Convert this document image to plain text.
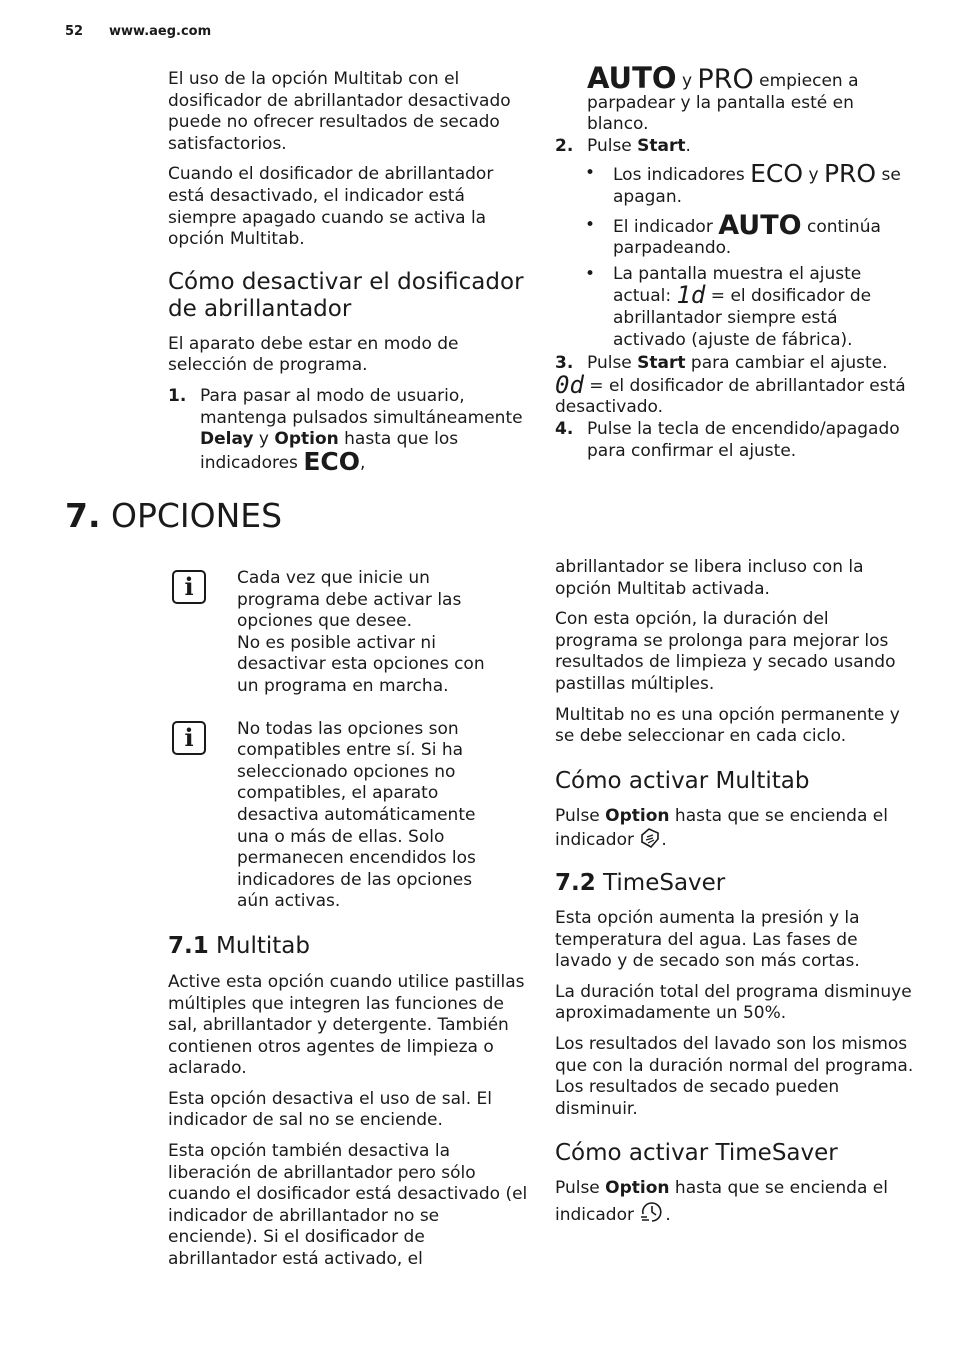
52 www.aeg.com

El uso de la opción Multitab con el dosificador de abrillantador desactivado puede no ofrecer resultados de secado satisfactorios.

Cuando el dosificador de abrillantador está desactivado, el indicador está siempre apagado cuando se activa la opción Multitab.

Cómo desactivar el dosificador de abrillantador

El aparato debe estar en modo de selección de programa.

1. Para pasar al modo de usuario, mantenga pulsados simultáneamente Delay y Option hasta que los indicadores ECO,
AUTO y PRO empiecen a parpadear y la pantalla esté en blanco.
2. Pulse Start.
•	Los indicadores ECO y PRO se apagan.
•	El indicador AUTO continúa parpadeando.
•	La pantalla muestra el ajuste actual: 1d = el dosificador de abrillantador siempre está activado (ajuste de fábrica).
3. Pulse Start para cambiar el ajuste.
0d = el dosificador de abrillantador está desactivado.
4. Pulse la tecla de encendido/apagado para confirmar el ajuste.
7. OPCIONES
i	Cada vez que inicie un programa debe activar las opciones que desee.

No es posible activar ni desactivar esta opciones con un programa en marcha.

i	No todas las opciones son compatibles entre sí. Si ha seleccionado opciones no compatibles, el aparato desactiva automáticamente una o más de ellas. Solo permanecen encendidos los indicadores de las opciones aún activas.

7.1 Multitab

Active esta opción cuando utilice pastillas múltiples que integren las funciones de sal, abrillantador y detergente. También contienen otros agentes de limpieza o aclarado.

Esta opción desactiva el uso de sal. El indicador de sal no se enciende.

Esta opción también desactiva la liberación de abrillantador pero sólo cuando el dosificador está desactivado (el indicador de abrillantador no se enciende). Si el dosificador de abrillantador está activado, el

abrillantador se libera incluso con la opción Multitab activada.

Con esta opción, la duración del programa se prolonga para mejorar los resultados de limpieza y secado usando pastillas múltiples.

Multitab no es una opción permanente y se debe seleccionar en cada ciclo.

Cómo activar Multitab

Pulse Option hasta que se encienda el indicador .

7.2 TimeSaver

Esta opción aumenta la presión y la temperatura del agua. Las fases de lavado y de secado son más cortas.

La duración total del programa disminuye aproximadamente un 50%.

Los resultados del lavado son los mismos que con la duración normal del programa. Los resultados de secado pueden disminuir.

Cómo activar TimeSaver

Pulse Option hasta que se encienda el indicador .
